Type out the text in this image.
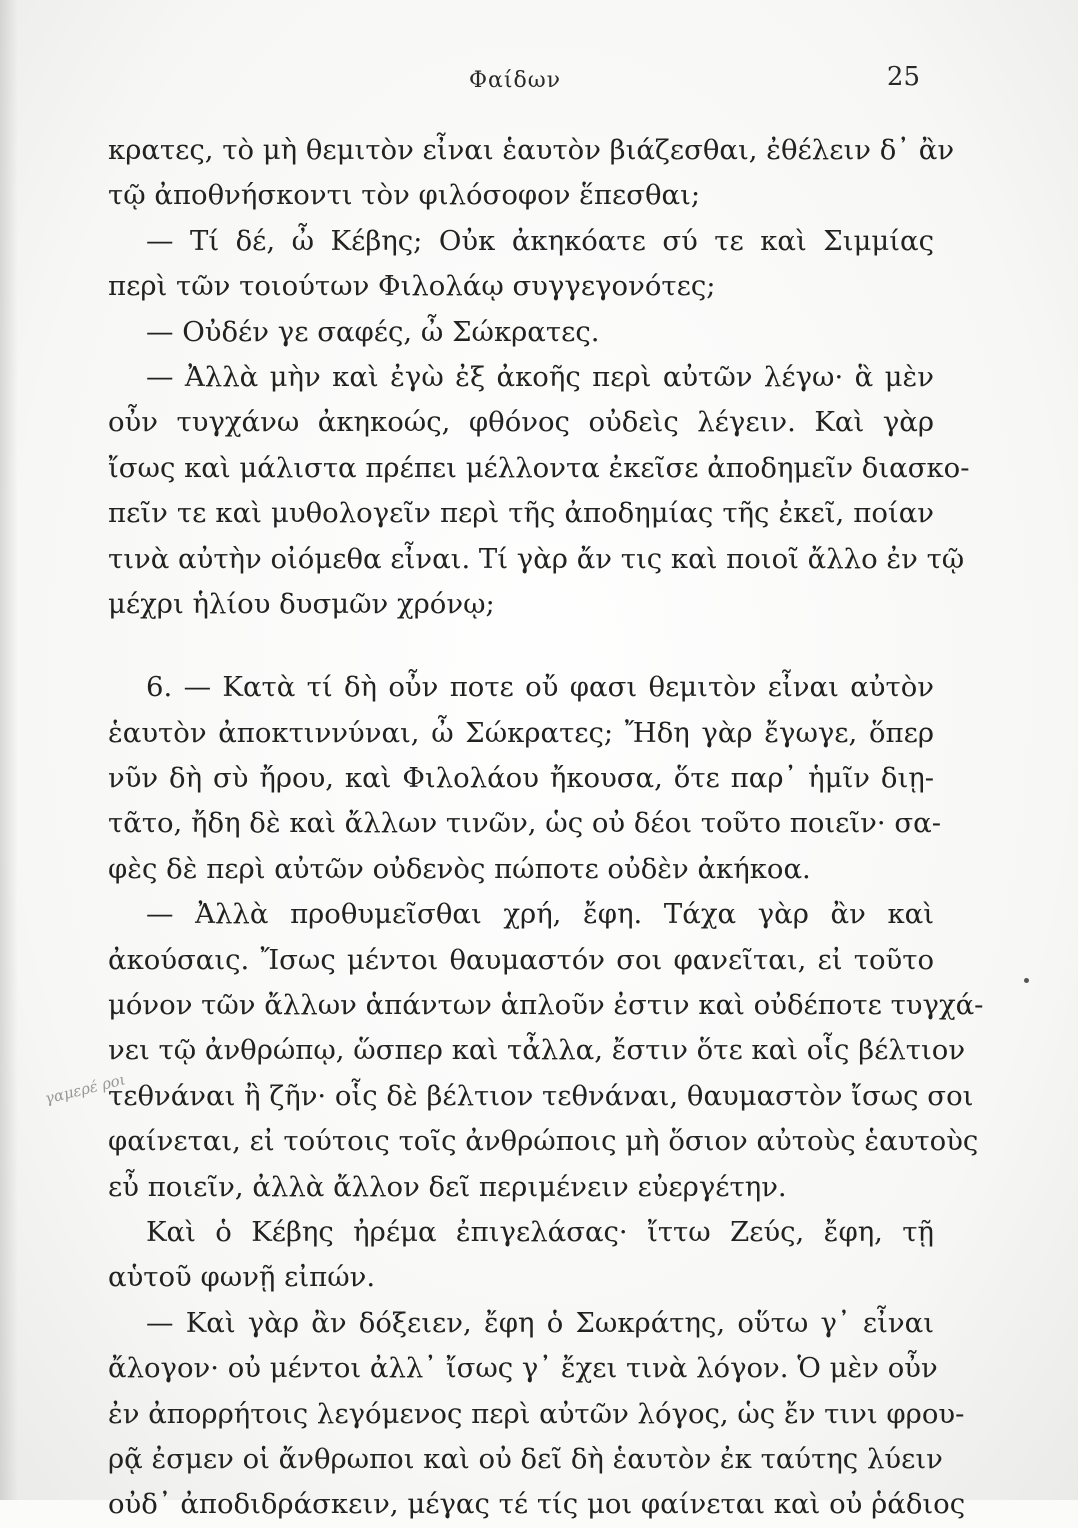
Φαίδων	25
κρατες, τὸ μὴ θεμιτὸν εἶναι ἑαυτὸν βιάζεσθαι, ἐθέλειν δ᾿ ἂν
τῷ ἀποθνήσκοντι τὸν φιλόσοφον ἕπεσθαι;
— Τί δέ, ὦ Κέβης; Οὐκ ἀκηκόατε σύ τε καὶ Σιμμίας
περὶ τῶν τοιούτων Φιλολάῳ συγγεγονότες;
— Οὐδέν γε σαφές, ὦ Σώκρατες.
— Ἀλλὰ μὴν καὶ ἐγὼ ἐξ ἀκοῆς περὶ αὐτῶν λέγω· ἃ μὲν
οὖν τυγχάνω ἀκηκοώς, φθόνος οὐδεὶς λέγειν. Καὶ γὰρ
ἴσως καὶ μάλιστα πρέπει μέλλοντα ἐκεῖσε ἀποδημεῖν διασκο-
πεῖν τε καὶ μυθολογεῖν περὶ τῆς ἀποδημίας τῆς ἐκεῖ, ποίαν
τινὰ αὐτὴν οἰόμεθα εἶναι. Τί γὰρ ἄν τις καὶ ποιοῖ ἄλλο ἐν τῷ
μέχρι ἡλίου δυσμῶν χρόνῳ;
6. — Κατὰ τί δὴ οὖν ποτε οὔ φασι θεμιτὸν εἶναι αὐτὸν
ἑαυτὸν ἀποκτιννύναι, ὦ Σώκρατες; Ἤδη γὰρ ἔγωγε, ὅπερ
νῦν δὴ σὺ ἤρου, καὶ Φιλολάου ἤκουσα, ὅτε παρ᾿ ἡμῖν διῃ-
τᾶτο, ἤδη δὲ καὶ ἄλλων τινῶν, ὡς οὐ δέοι τοῦτο ποιεῖν· σα-
φὲς δὲ περὶ αὐτῶν οὐδενὸς πώποτε οὐδὲν ἀκήκοα.
— Ἀλλὰ προθυμεῖσθαι χρή, ἔφη. Τάχα γὰρ ἂν καὶ
ἀκούσαις. Ἴσως μέντοι θαυμαστόν σοι φανεῖται, εἰ τοῦτο
μόνον τῶν ἄλλων ἁπάντων ἁπλοῦν ἐστιν καὶ οὐδέποτε τυγχά-
νει τῷ ἀνθρώπῳ, ὥσπερ καὶ τἆλλα, ἔστιν ὅτε καὶ οἷς βέλτιον
τεθνάναι ἢ ζῆν· οἷς δὲ βέλτιον τεθνάναι, θαυμαστὸν ἴσως σοι
φαίνεται, εἰ τούτοις τοῖς ἀνθρώποις μὴ ὅσιον αὐτοὺς ἑαυτοὺς
εὖ ποιεῖν, ἀλλὰ ἄλλον δεῖ περιμένειν εὐεργέτην.
Καὶ ὁ Κέβης ἠρέμα ἐπιγελάσας· ἴττω Ζεύς, ἔφη, τῇ
αὑτοῦ φωνῇ εἰπών.
— Καὶ γὰρ ἂν δόξειεν, ἔφη ὁ Σωκράτης, οὕτω γ᾿ εἶναι
ἄλογον· οὐ μέντοι ἀλλ᾿ ἴσως γ᾿ ἔχει τινὰ λόγον. Ὁ μὲν οὖν
ἐν ἀπορρήτοις λεγόμενος περὶ αὐτῶν λόγος, ὡς ἔν τινι φρου-
ρᾷ ἐσμεν οἱ ἄνθρωποι καὶ οὐ δεῖ δὴ ἑαυτὸν ἐκ ταύτης λύειν
οὐδ᾿ ἀποδιδράσκειν, μέγας τέ τίς μοι φαίνεται καὶ οὐ ῥάδιος
γαμερέ ροι
